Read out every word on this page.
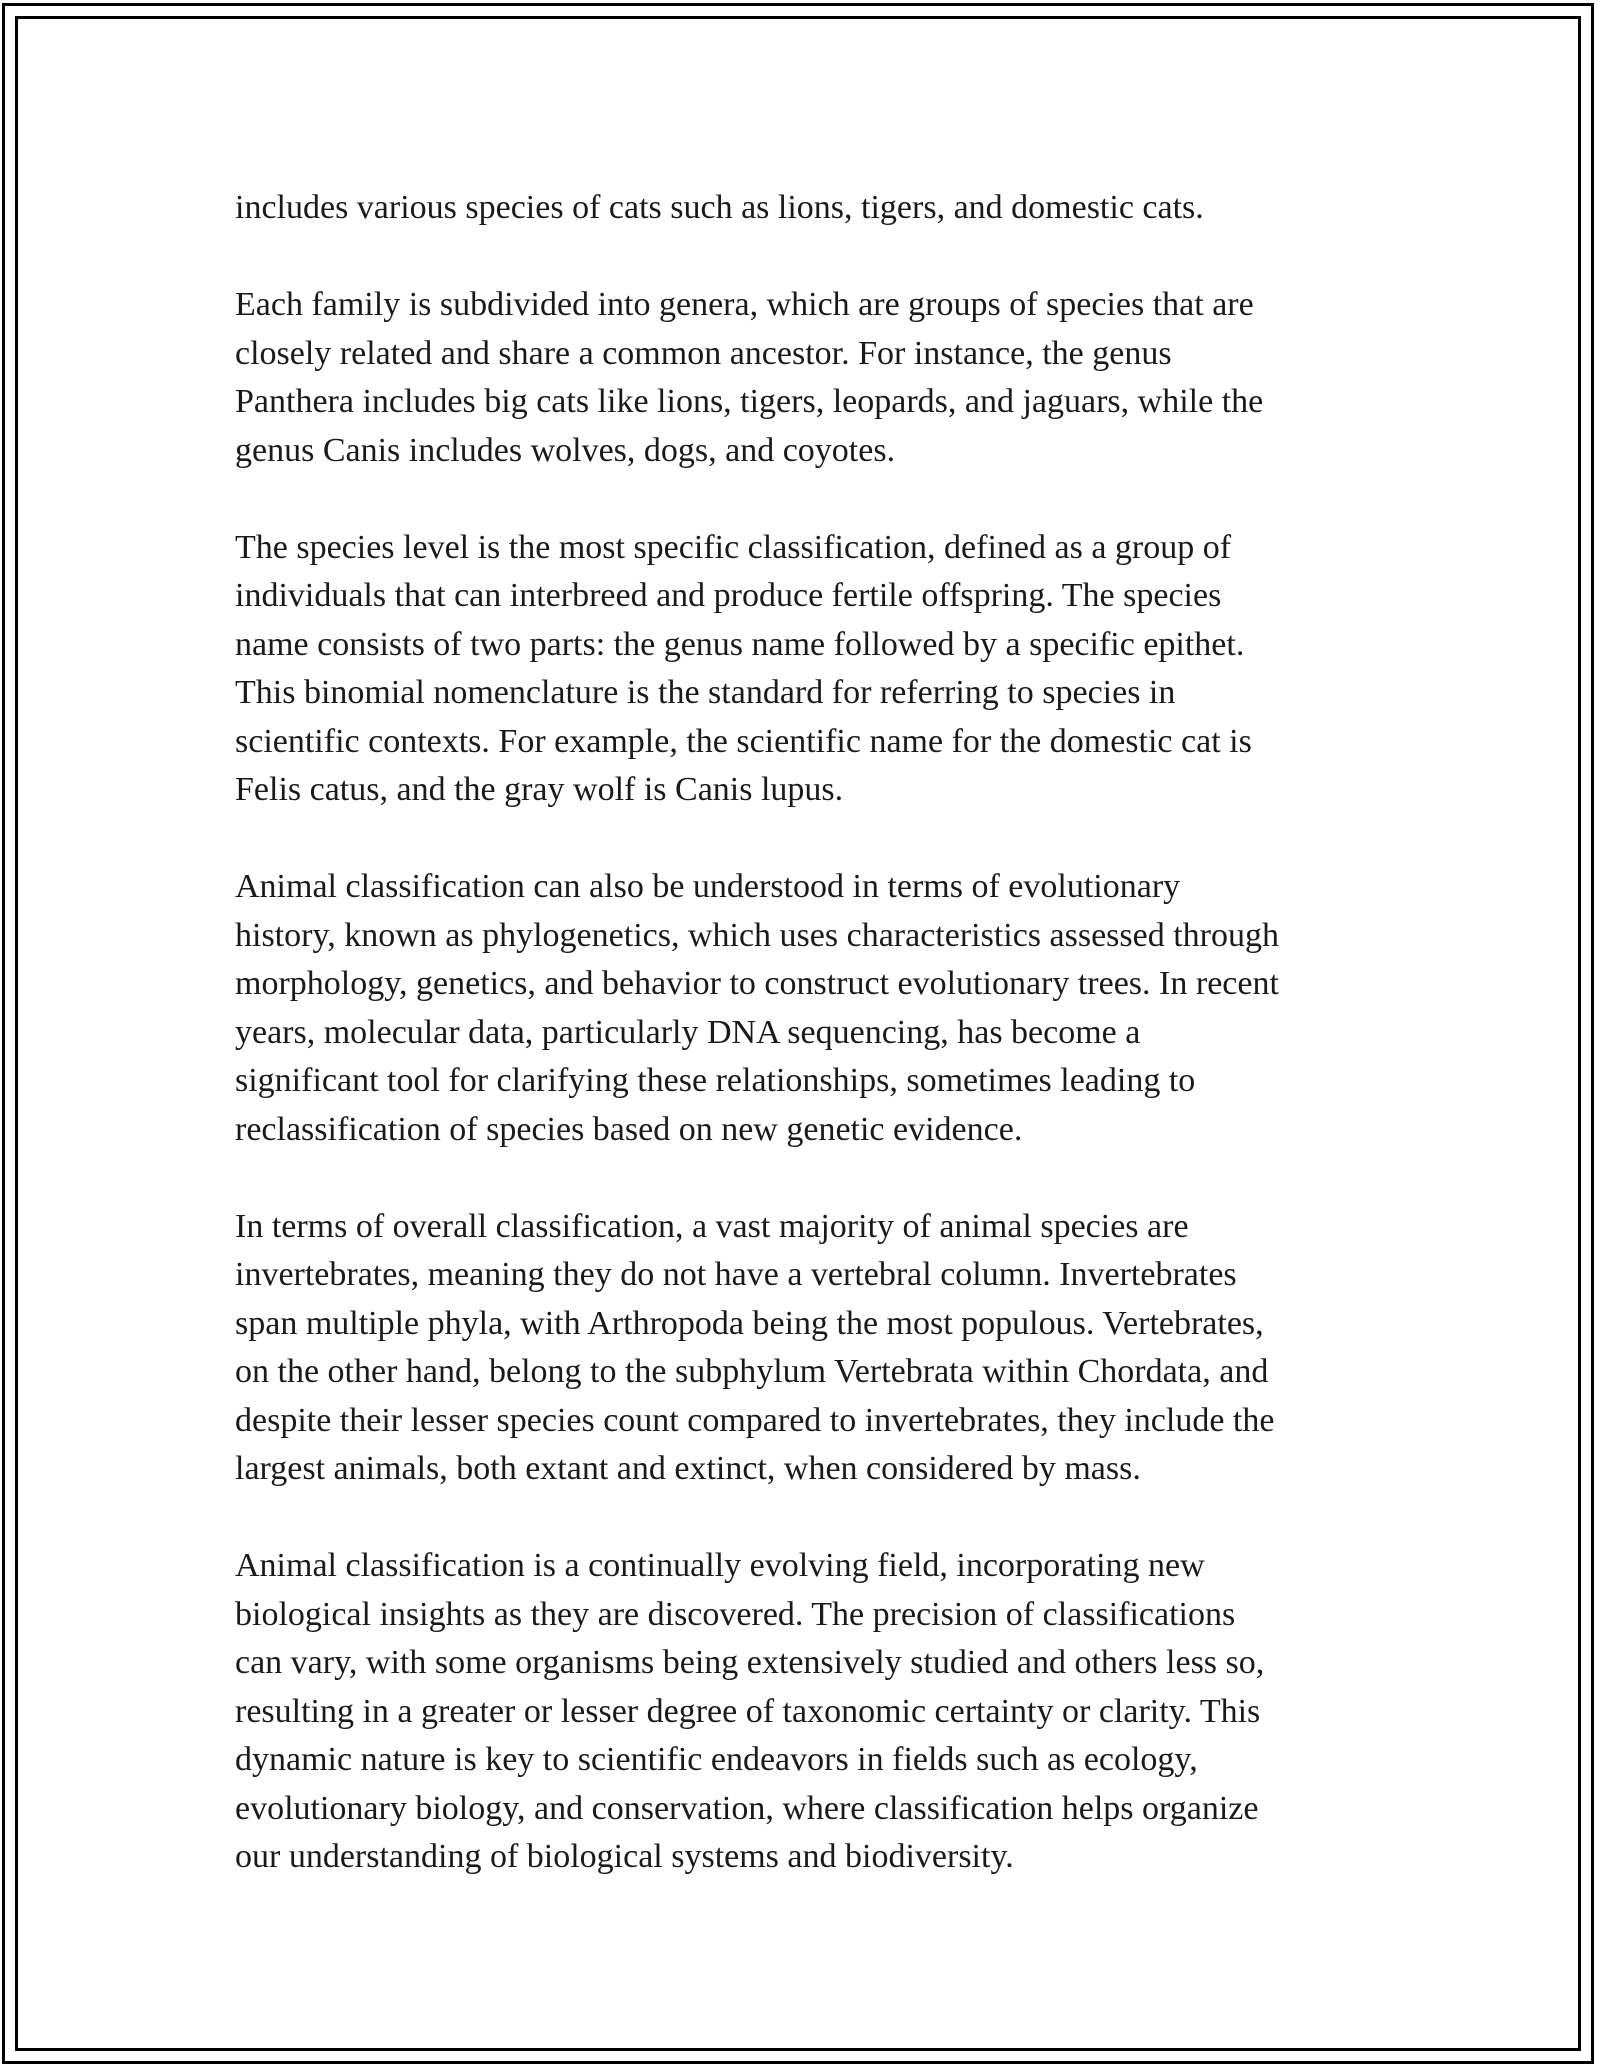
includes various species of cats such as lions, tigers, and domestic cats.

Each family is subdivided into genera, which are groups of species that are
closely related and share a common ancestor. For instance, the genus
Panthera includes big cats like lions, tigers, leopards, and jaguars, while the
genus Canis includes wolves, dogs, and coyotes.

The species level is the most specific classification, defined as a group of
individuals that can interbreed and produce fertile offspring. The species
name consists of two parts: the genus name followed by a specific epithet.
This binomial nomenclature is the standard for referring to species in
scientific contexts. For example, the scientific name for the domestic cat is
Felis catus, and the gray wolf is Canis lupus.

Animal classification can also be understood in terms of evolutionary
history, known as phylogenetics, which uses characteristics assessed through
morphology, genetics, and behavior to construct evolutionary trees. In recent
years, molecular data, particularly DNA sequencing, has become a
significant tool for clarifying these relationships, sometimes leading to
reclassification of species based on new genetic evidence.

In terms of overall classification, a vast majority of animal species are
invertebrates, meaning they do not have a vertebral column. Invertebrates
span multiple phyla, with Arthropoda being the most populous. Vertebrates,
on the other hand, belong to the subphylum Vertebrata within Chordata, and
despite their lesser species count compared to invertebrates, they include the
largest animals, both extant and extinct, when considered by mass.

Animal classification is a continually evolving field, incorporating new
biological insights as they are discovered. The precision of classifications
can vary, with some organisms being extensively studied and others less so,
resulting in a greater or lesser degree of taxonomic certainty or clarity. This
dynamic nature is key to scientific endeavors in fields such as ecology,
evolutionary biology, and conservation, where classification helps organize
our understanding of biological systems and biodiversity.
